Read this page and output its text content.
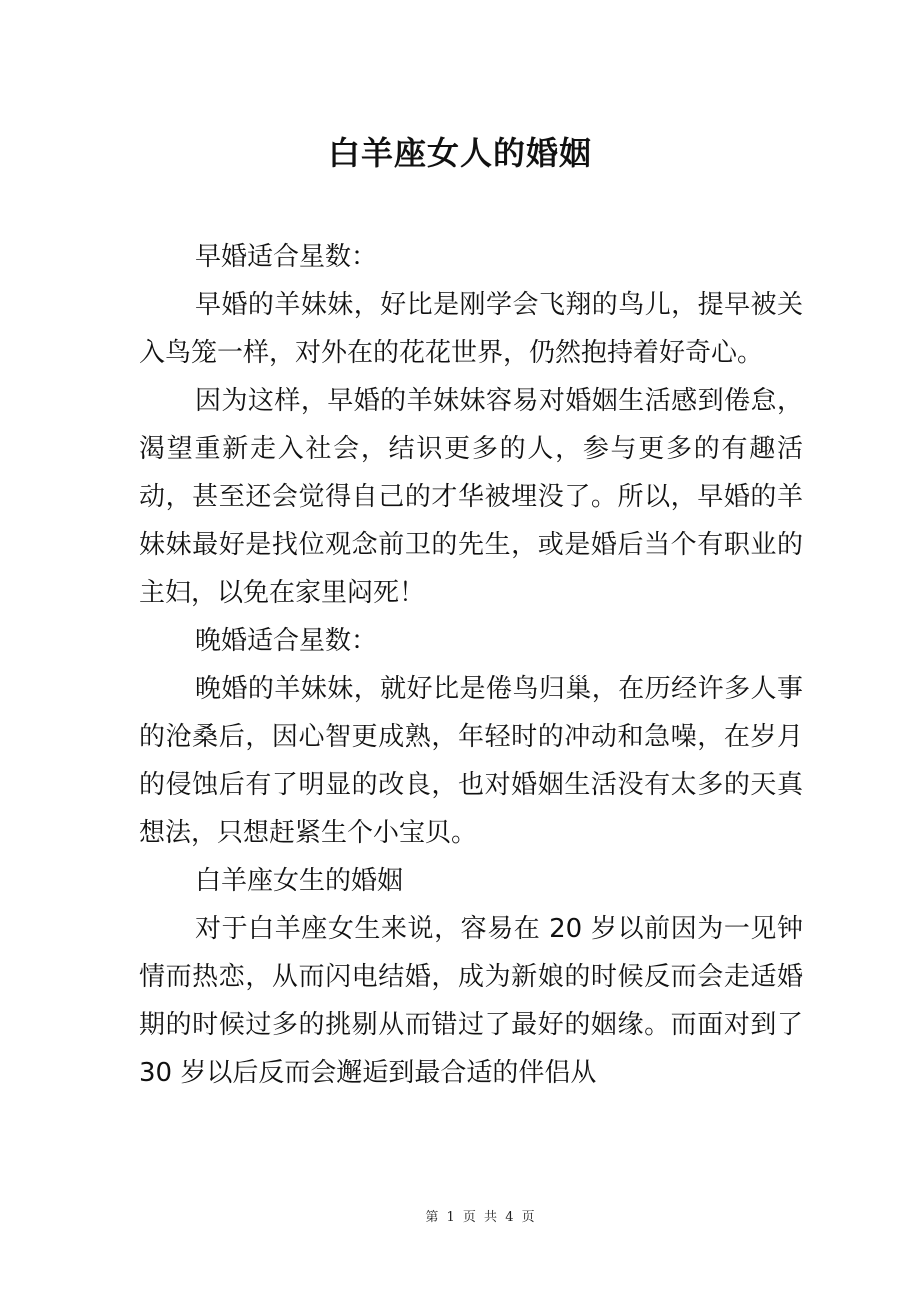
白羊座女人的婚姻

早婚适合星数：

早婚的羊妹妹，好比是刚学会飞翔的鸟儿，提早被关入鸟笼一样，对外在的花花世界，仍然抱持着好奇心。

因为这样，早婚的羊妹妹容易对婚姻生活感到倦怠，渴望重新走入社会，结识更多的人，参与更多的有趣活动，甚至还会觉得自己的才华被埋没了。所以，早婚的羊妹妹最好是找位观念前卫的先生，或是婚后当个有职业的主妇，以免在家里闷死！

晚婚适合星数：

晚婚的羊妹妹，就好比是倦鸟归巢，在历经许多人事的沧桑后，因心智更成熟，年轻时的冲动和急噪，在岁月的侵蚀后有了明显的改良，也对婚姻生活没有太多的天真想法，只想赶紧生个小宝贝。

白羊座女生的婚姻

对于白羊座女生来说，容易在 20 岁以前因为一见钟情而热恋，从而闪电结婚，成为新娘的时候反而会走适婚期的时候过多的挑剔从而错过了最好的姻缘。而面对到了 30 岁以后反而会邂逅到最合适的伴侣从

第 1 页 共 4 页
